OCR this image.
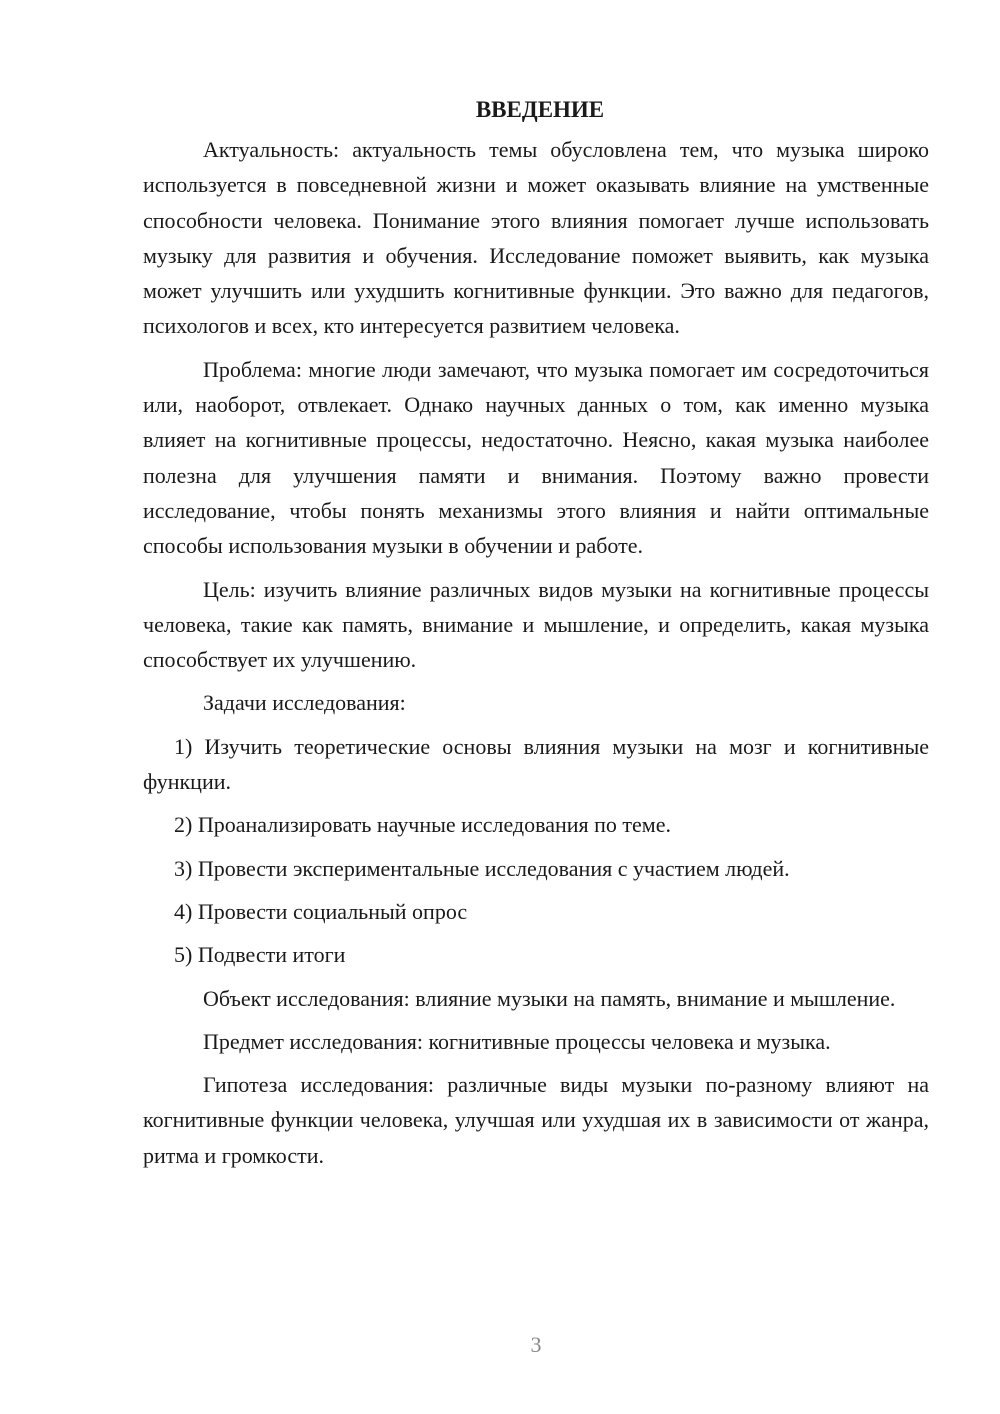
ВВЕДЕНИЕ

Актуальность: актуальность темы обусловлена тем, что музыка широко используется в повседневной жизни и может оказывать влияние на умственные способности человека. Понимание этого влияния помогает лучше использовать музыку для развития и обучения. Исследование поможет выявить, как музыка может улучшить или ухудшить когнитивные функции. Это важно для педагогов, психологов и всех, кто интересуется развитием человека.

Проблема: многие люди замечают, что музыка помогает им сосредоточиться или, наоборот, отвлекает. Однако научных данных о том, как именно музыка влияет на когнитивные процессы, недостаточно. Неясно, какая музыка наиболее полезна для улучшения памяти и внимания. Поэтому важно провести исследование, чтобы понять механизмы этого влияния и найти оптимальные способы использования музыки в обучении и работе.

Цель: изучить влияние различных видов музыки на когнитивные процессы человека, такие как память, внимание и мышление, и определить, какая музыка способствует их улучшению.

Задачи исследования:

1) Изучить теоретические основы влияния музыки на мозг и когнитивные функции.

2) Проанализировать научные исследования по теме.

3) Провести экспериментальные исследования с участием людей.

4) Провести социальный опрос

5) Подвести итоги

Объект исследования: влияние музыки на память, внимание и мышление.

Предмет исследования: когнитивные процессы человека и музыка.

Гипотеза исследования: различные виды музыки по-разному влияют на когнитивные функции человека, улучшая или ухудшая их в зависимости от жанра, ритма и громкости.

3
